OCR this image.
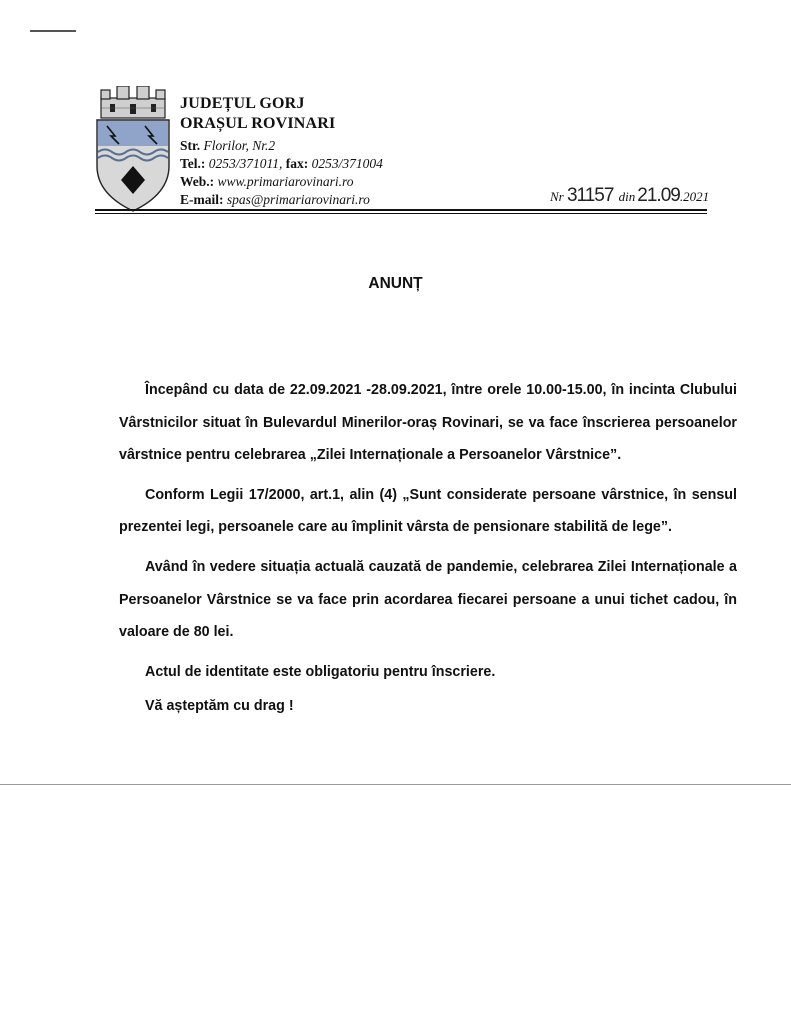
JUDEȚUL GORJ
ORAȘUL ROVINARI
Str. Florilor, Nr.2
Tel.: 0253/371011, fax: 0253/371004
Web.: www.primariarovinari.ro
E-mail: spas@primariarovinari.ro	Nr 31157 din 21.09.2021
ANUNȚ

Începând cu data de 22.09.2021 -28.09.2021, între orele 10.00-15.00, în incinta Clubului Vârstnicilor situat în Bulevardul Minerilor-oraș Rovinari, se va face înscrierea persoanelor vârstnice pentru celebrarea „Zilei Internaționale a Persoanelor Vârstnice”.

Conform Legii 17/2000, art.1, alin (4) „Sunt considerate persoane vârstnice, în sensul prezentei legi, persoanele care au împlinit vârsta de pensionare stabilită de lege”.

Având în vedere situația actuală cauzată de pandemie, celebrarea Zilei Internaționale a Persoanelor Vârstnice se va face prin acordarea fiecarei persoane a unui tichet cadou, în valoare de 80 lei.

Actul de identitate este obligatoriu pentru înscriere.

Vă așteptăm cu drag !
